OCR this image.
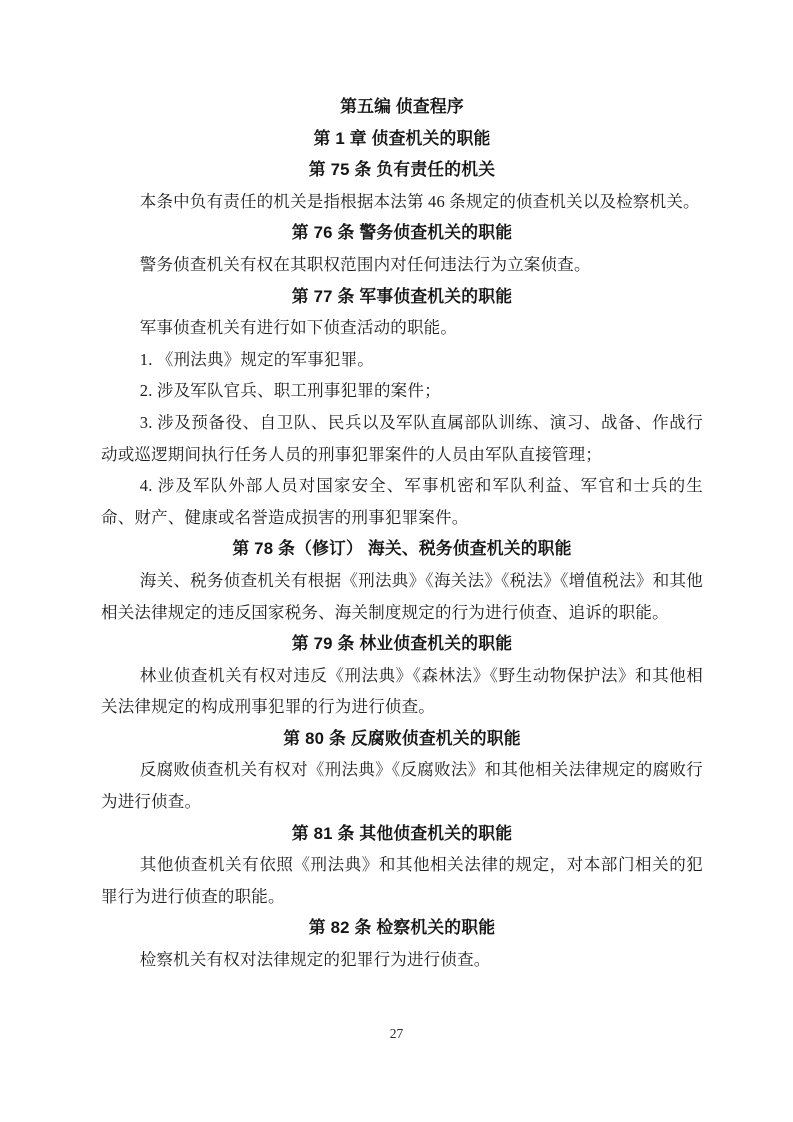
第五编 侦查程序
第 1 章 侦查机关的职能
第 75 条 负有责任的机关
本条中负有责任的机关是指根据本法第 46 条规定的侦查机关以及检察机关。
第 76 条 警务侦查机关的职能
警务侦查机关有权在其职权范围内对任何违法行为立案侦查。
第 77 条 军事侦查机关的职能
军事侦查机关有进行如下侦查活动的职能。
1. 《刑法典》规定的军事犯罪。
2. 涉及军队官兵、职工刑事犯罪的案件；
3. 涉及预备役、自卫队、民兵以及军队直属部队训练、演习、战备、作战行动或巡逻期间执行任务人员的刑事犯罪案件的人员由军队直接管理；
4. 涉及军队外部人员对国家安全、军事机密和军队利益、军官和士兵的生命、财产、健康或名誉造成损害的刑事犯罪案件。
第 78 条（修订） 海关、税务侦查机关的职能
海关、税务侦查机关有根据《刑法典》《海关法》《税法》《增值税法》和其他相关法律规定的违反国家税务、海关制度规定的行为进行侦查、追诉的职能。
第 79 条 林业侦查机关的职能
林业侦查机关有权对违反《刑法典》《森林法》《野生动物保护法》和其他相关法律规定的构成刑事犯罪的行为进行侦查。
第 80 条 反腐败侦查机关的职能
反腐败侦查机关有权对《刑法典》《反腐败法》和其他相关法律规定的腐败行为进行侦查。
第 81 条 其他侦查机关的职能
其他侦查机关有依照《刑法典》和其他相关法律的规定，对本部门相关的犯罪行为进行侦查的职能。
第 82 条 检察机关的职能
检察机关有权对法律规定的犯罪行为进行侦查。
27
